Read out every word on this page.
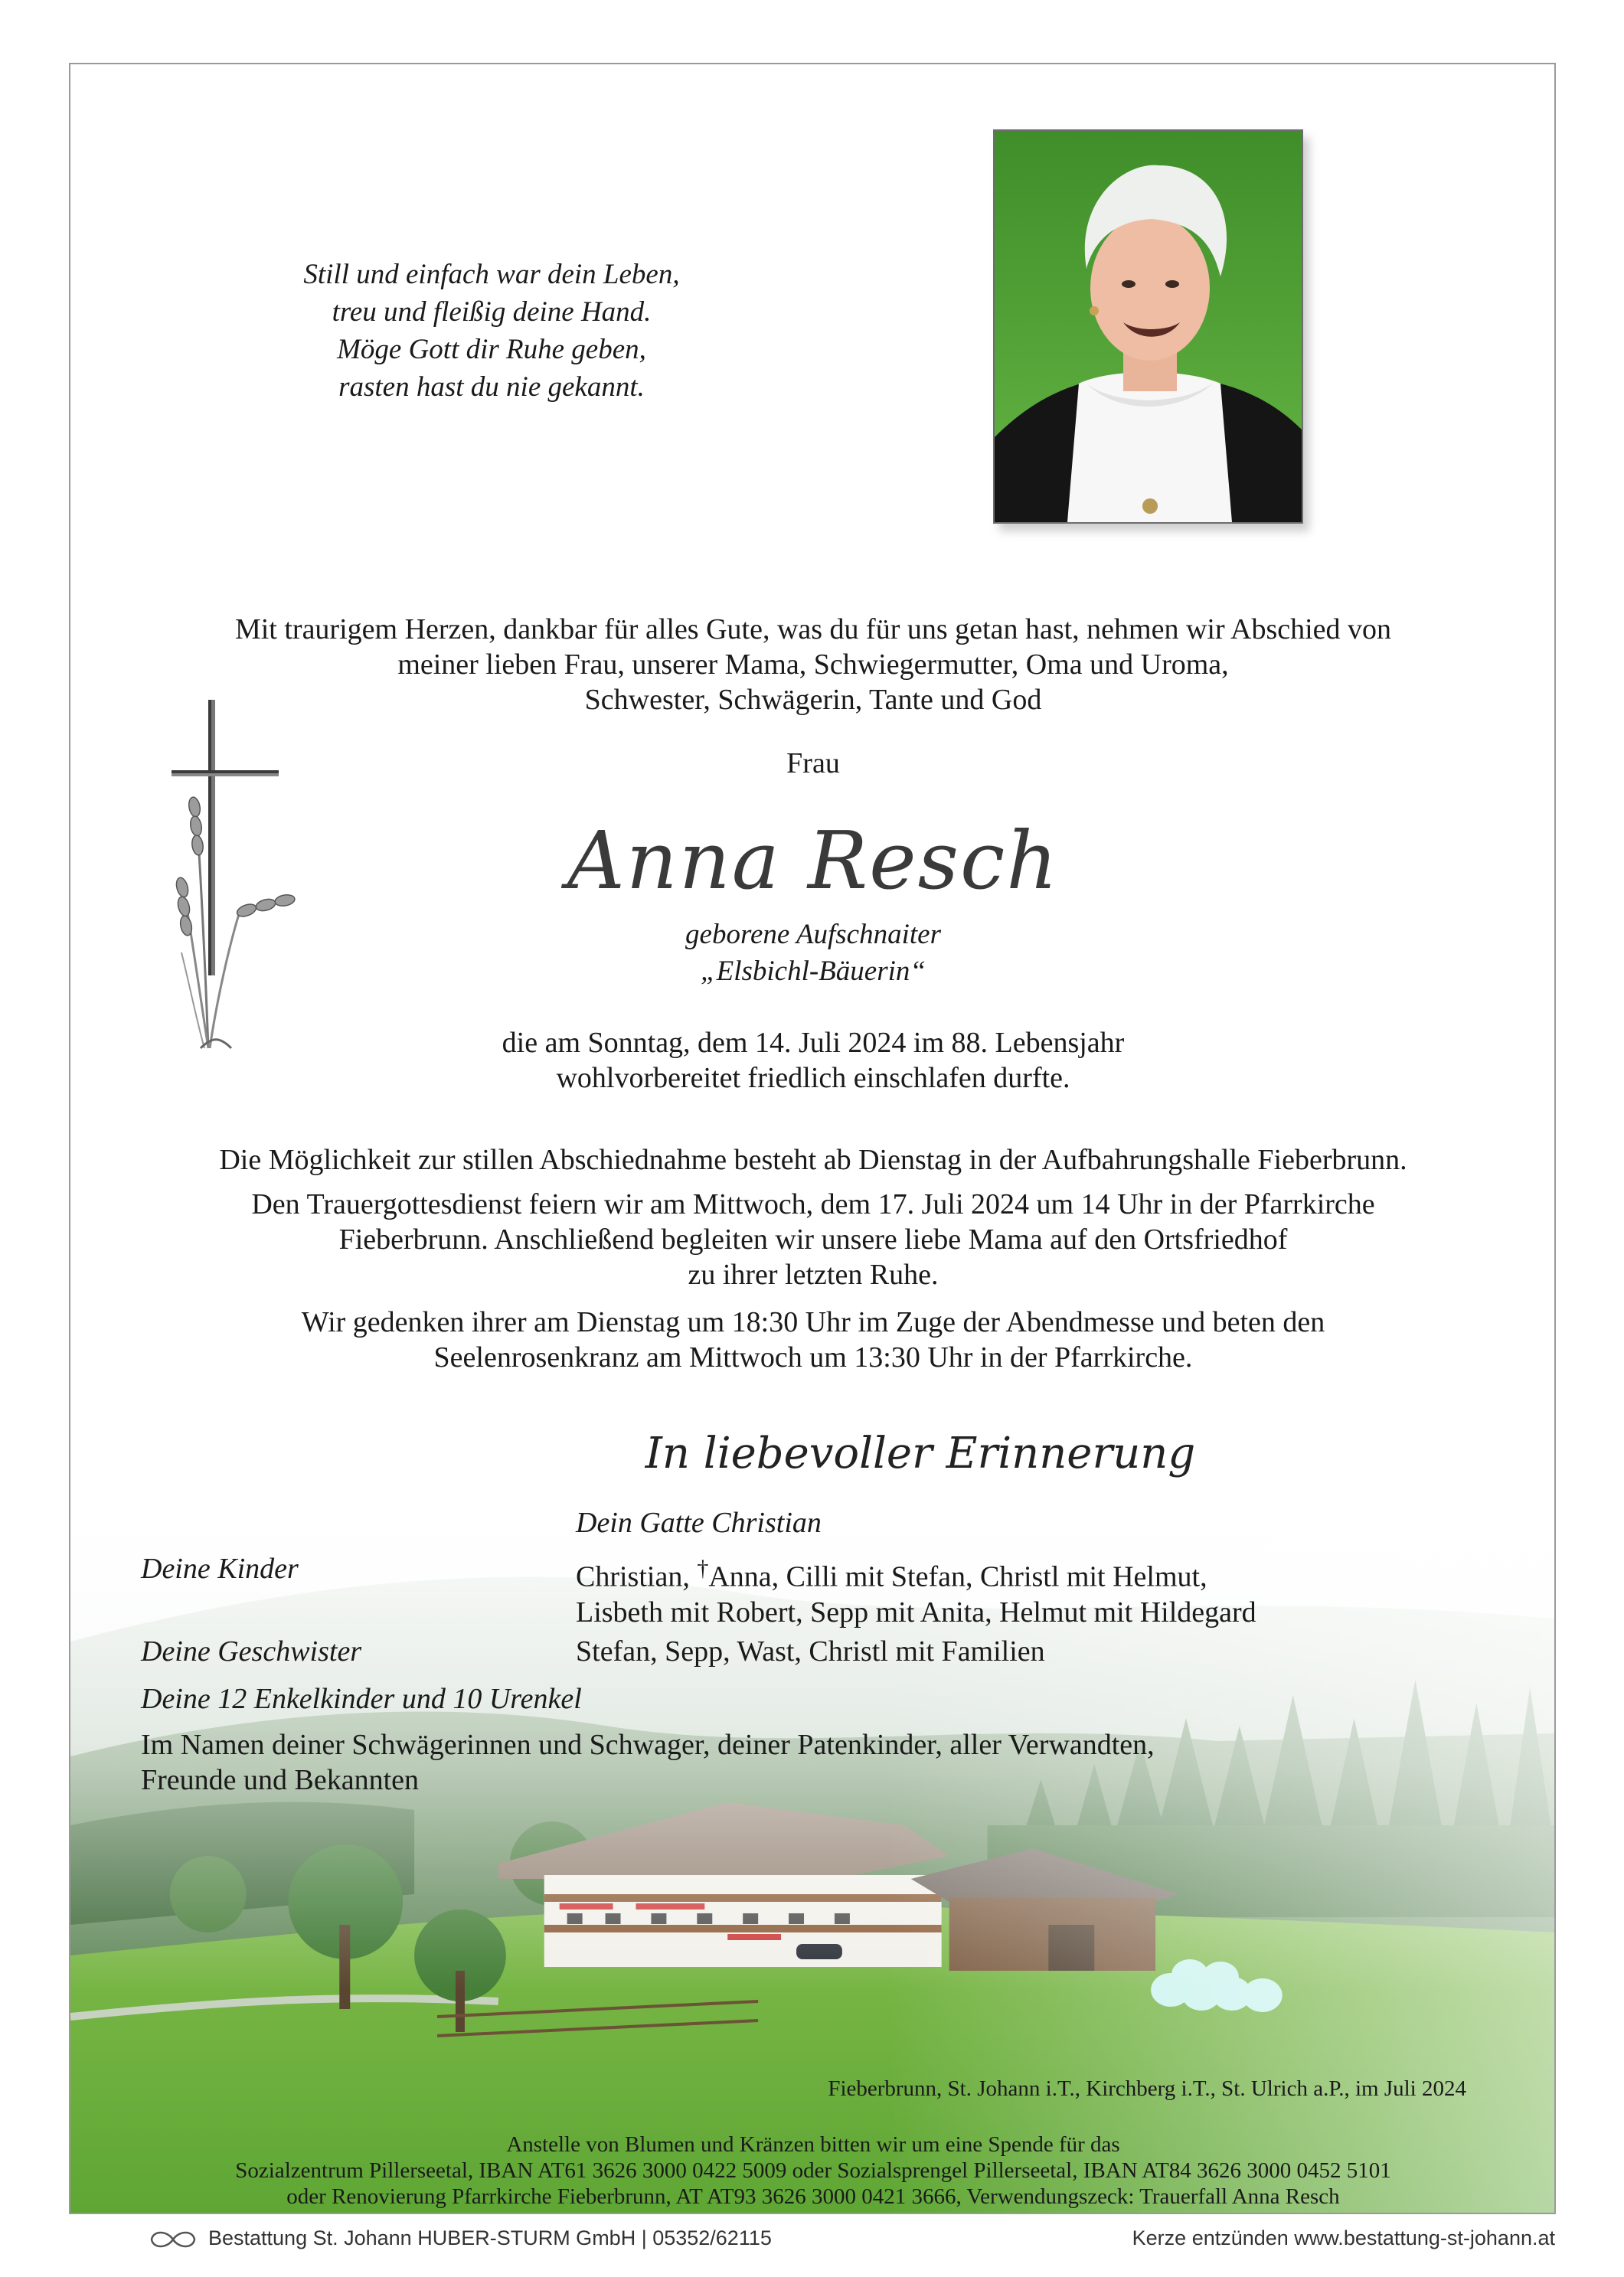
Still und einfach war dein Leben,
treu und fleißig deine Hand.
Möge Gott dir Ruhe geben,
rasten hast du nie gekannt.
Mit traurigem Herzen, dankbar für alles Gute, was du für uns getan hast, nehmen wir Abschied von
meiner lieben Frau, unserer Mama, Schwiegermutter, Oma und Uroma,
Schwester, Schwägerin, Tante und God
Frau
Anna Resch
geborene Aufschnaiter
„Elsbichl-Bäuerin“
die am Sonntag, dem 14. Juli 2024 im 88. Lebensjahr
wohlvorbereitet friedlich einschlafen durfte.
Die Möglichkeit zur stillen Abschiednahme besteht ab Dienstag in der Aufbahrungshalle Fieberbrunn.
Den Trauergottesdienst feiern wir am Mittwoch, dem 17. Juli 2024 um 14 Uhr in der Pfarrkirche
Fieberbrunn. Anschließend begleiten wir unsere liebe Mama auf den Ortsfriedhof
zu ihrer letzten Ruhe.
Wir gedenken ihrer am Dienstag um 18:30 Uhr im Zuge der Abendmesse und beten den
Seelenrosenkranz am Mittwoch um 13:30 Uhr in der Pfarrkirche.
In liebevoller Erinnerung
Dein Gatte Christian
Deine Kinder	Christian, †Anna, Cilli mit Stefan, Christl mit Helmut,
Lisbeth mit Robert, Sepp mit Anita, Helmut mit Hildegard
Deine Geschwister	Stefan, Sepp, Wast, Christl mit Familien
Deine 12 Enkelkinder und 10 Urenkel
Im Namen deiner Schwägerinnen und Schwager, deiner Patenkinder, aller Verwandten,
Freunde und Bekannten
Fieberbrunn, St. Johann i.T., Kirchberg i.T., St. Ulrich a.P., im Juli 2024
Anstelle von Blumen und Kränzen bitten wir um eine Spende für das
Sozialzentrum Pillerseetal, IBAN AT61 3626 3000 0422 5009 oder Sozialsprengel Pillerseetal, IBAN AT84 3626 3000 0452 5101
oder Renovierung Pfarrkirche Fieberbrunn, AT AT93 3626 3000 0421 3666, Verwendungszeck: Trauerfall Anna Resch
Bestattung St. Johann HUBER-STURM GmbH | 05352/62115	Kerze entzünden www.bestattung-st-johann.at
